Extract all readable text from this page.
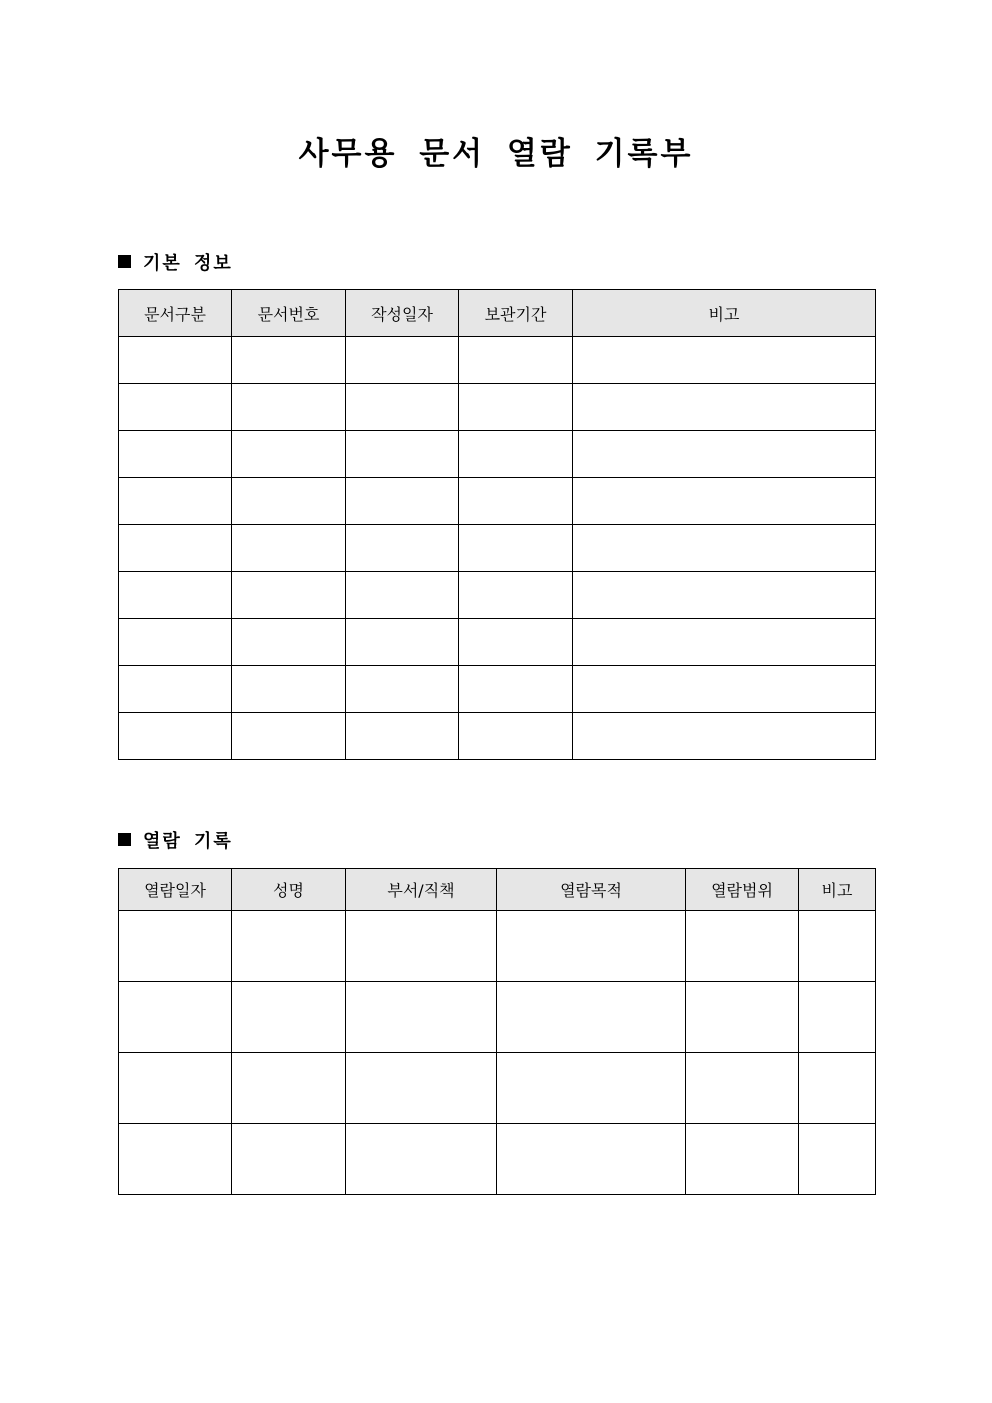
사무용 문서 열람 기록부
기본 정보
문서구분	문서번호	작성일자	보관기간	비고

열람 기록
열람일자	성명	부서/직책	열람목적	열람범위	비고
